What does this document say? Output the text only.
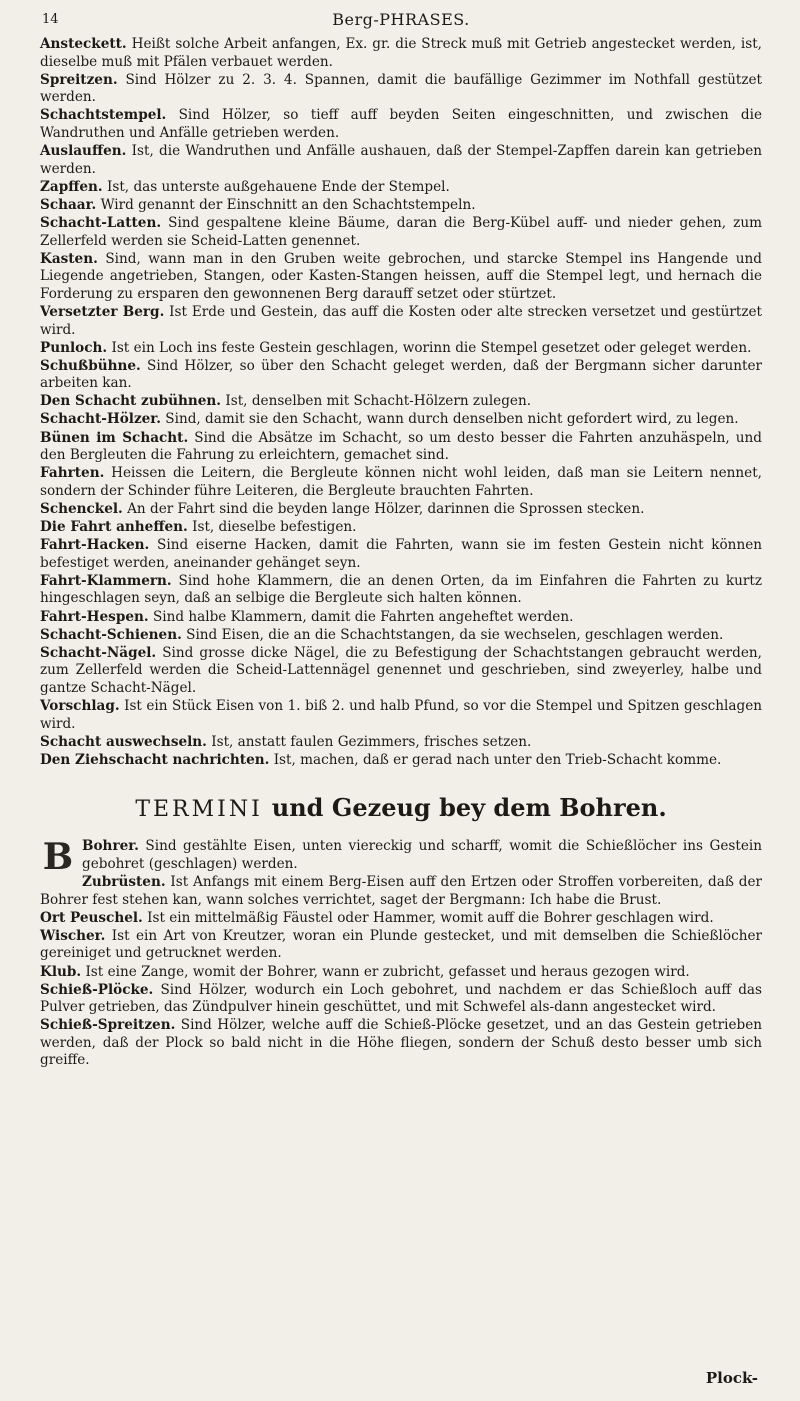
14	Berg-PHRASES.

Ansteckett. Heißt solche Arbeit anfangen, Ex. gr. die Streck muß mit Getrieb angestecket werden, ist, dieselbe muß mit Pfälen verbauet werden.

Spreitzen. Sind Hölzer zu 2. 3. 4. Spannen, damit die baufällige Gezimmer im Nothfall gestützet werden.

Schachtstempel. Sind Hölzer, so tieff auff beyden Seiten eingeschnitten, und zwischen die Wandruthen und Anfälle getrieben werden.

Auslauffen. Ist, die Wandruthen und Anfälle aushauen, daß der Stempel-Zapffen darein kan getrieben werden.

Zapffen. Ist, das unterste außgehauene Ende der Stempel.

Schaar. Wird genannt der Einschnitt an den Schachtstempeln.

Schacht-Latten. Sind gespaltene kleine Bäume, daran die Berg-Kübel auff- und nieder gehen, zum Zellerfeld werden sie Scheid-Latten genennet.

Kasten. Sind, wann man in den Gruben weite gebrochen, und starcke Stempel ins Hangende und Liegende angetrieben, Stangen, oder Kasten-Stangen heissen, auff die Stempel legt, und hernach die Forderung zu ersparen den gewonnenen Berg darauff setzet oder stürtzet.

Versetzter Berg. Ist Erde und Gestein, das auff die Kosten oder alte strecken versetzet und gestürtzet wird.

Punloch. Ist ein Loch ins feste Gestein geschlagen, worinn die Stempel gesetzet oder geleget werden.

Schußbühne. Sind Hölzer, so über den Schacht geleget werden, daß der Bergmann sicher darunter arbeiten kan.

Den Schacht zubühnen. Ist, denselben mit Schacht-Hölzern zulegen.

Schacht-Hölzer. Sind, damit sie den Schacht, wann durch denselben nicht gefordert wird, zu legen.

Bünen im Schacht. Sind die Absätze im Schacht, so um desto besser die Fahrten anzuhäspeln, und den Bergleuten die Fahrung zu erleichtern, gemachet sind.

Fahrten. Heissen die Leitern, die Bergleute können nicht wohl leiden, daß man sie Leitern nennet, sondern der Schinder führe Leiteren, die Bergleute brauchten Fahrten.

Schenckel. An der Fahrt sind die beyden lange Hölzer, darinnen die Sprossen stecken.

Die Fahrt anheffen. Ist, dieselbe befestigen.

Fahrt-Hacken. Sind eiserne Hacken, damit die Fahrten, wann sie im festen Gestein nicht können befestiget werden, aneinander gehänget seyn.

Fahrt-Klammern. Sind hohe Klammern, die an denen Orten, da im Einfahren die Fahrten zu kurtz hingeschlagen seyn, daß an selbige die Bergleute sich halten können.

Fahrt-Hespen. Sind halbe Klammern, damit die Fahrten angeheftet werden.

Schacht-Schienen. Sind Eisen, die an die Schachtstangen, da sie wechselen, geschlagen werden.

Schacht-Nägel. Sind grosse dicke Nägel, die zu Befestigung der Schachtstangen gebraucht werden, zum Zellerfeld werden die Scheid-Lattennägel genennet und geschrieben, sind zweyerley, halbe und gantze Schacht-Nägel.

Vorschlag. Ist ein Stück Eisen von 1. biß 2. und halb Pfund, so vor die Stempel und Spitzen geschlagen wird.

Schacht auswechseln. Ist, anstatt faulen Gezimmers, frisches setzen.

Den Ziehschacht nachrichten. Ist, machen, daß er gerad nach unter den Trieb-Schacht komme.

TERMINI und Gezeug bey dem Bohren.

B Bohrer. Sind gestählte Eisen, unten viereckig und scharff, womit die Schießlöcher ins Gestein gebohret (geschlagen) werden.

Zubrüsten. Ist Anfangs mit einem Berg-Eisen auff den Ertzen oder Stroffen vorbereiten, daß der Bohrer fest stehen kan, wann solches verrichtet, saget der Bergmann: Ich habe die Brust.

Ort Peuschel. Ist ein mittelmäßig Fäustel oder Hammer, womit auff die Bohrer geschlagen wird.

Wischer. Ist ein Art von Kreutzer, woran ein Plunde gestecket, und mit demselben die Schießlöcher gereiniget und getrucknet werden.

Klub. Ist eine Zange, womit der Bohrer, wann er zubricht, gefasset und heraus gezogen wird.

Schieß-Plöcke. Sind Hölzer, wodurch ein Loch gebohret, und nachdem er das Schießloch auff das Pulver getrieben, das Zündpulver hinein geschüttet, und mit Schwefel als-dann angestecket wird.

Schieß-Spreitzen. Sind Hölzer, welche auff die Schieß-Plöcke gesetzet, und an das Gestein getrieben werden, daß der Plock so bald nicht in die Höhe fliegen, sondern der Schuß desto besser umb sich greiffe.

Plock-
